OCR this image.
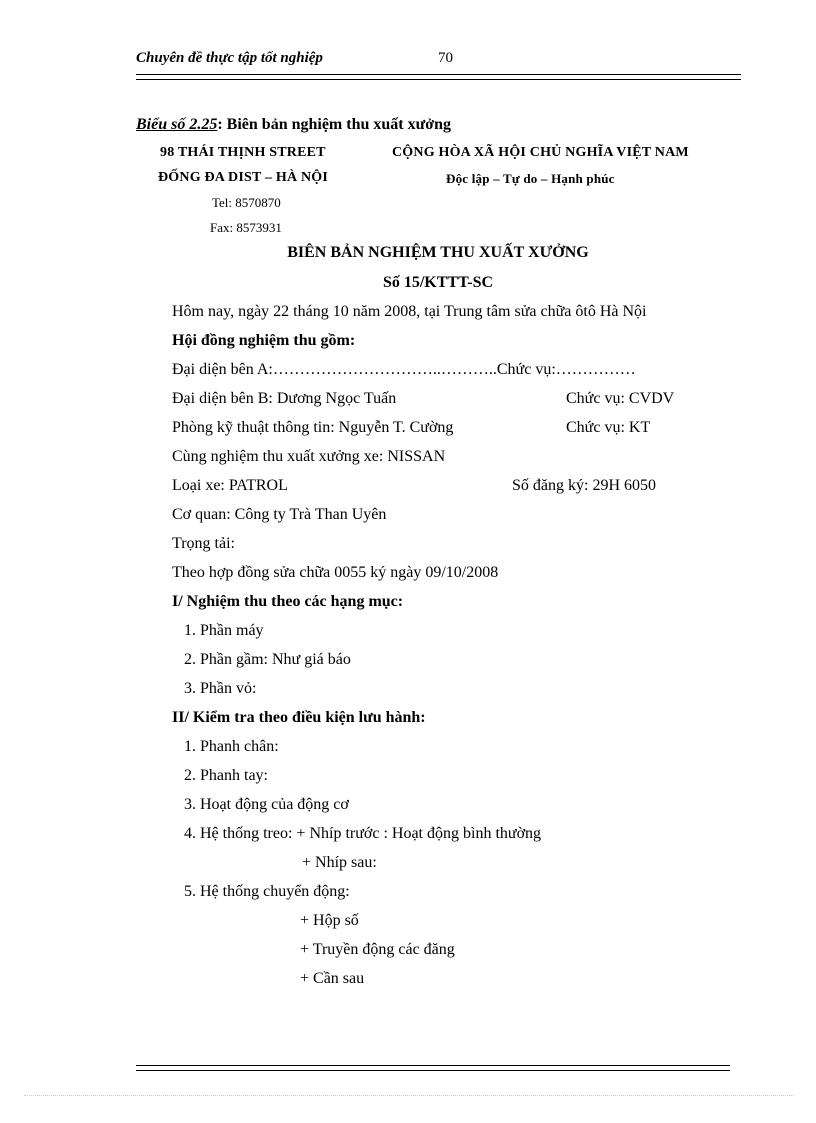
Chuyên đề thực tập tốt nghiệp	70
Biểu số 2.25: Biên bản nghiệm thu xuất xưởng
98 THÁI THỊNH STREET
ĐỐNG ĐA DIST – HÀ NỘI
Tel: 8570870
Fax: 8573931
CỘNG HÒA XÃ HỘI CHỦ NGHĨA VIỆT NAM
Độc lập – Tự do – Hạnh phúc
BIÊN BẢN NGHIỆM THU XUẤT XƯỞNG
Số 15/KTTT-SC
Hôm nay, ngày 22 tháng 10 năm 2008, tại Trung tâm sửa chữa ôtô Hà Nội
Hội đồng nghiệm thu gồm:
Đại diện bên A:…………………………..………..Chức vụ:……………
Đại diện bên B: Dương Ngọc Tuấn	Chức vụ: CVDV
Phòng kỹ thuật thông tin: Nguyễn T. Cường	Chức vụ: KT
Cùng nghiệm thu xuất xưởng xe: NISSAN
Loại xe: PATROL	Số đăng ký: 29H 6050
Cơ quan: Công ty Trà Than Uyên
Trọng tải:
Theo hợp đồng sửa chữa 0055 ký ngày 09/10/2008
I/ Nghiệm thu theo các hạng mục:
1. Phần máy
2. Phần gầm: Như giá báo
3. Phần vỏ:
II/ Kiểm tra theo điều kiện lưu hành:
1. Phanh chân:
2. Phanh tay:
3. Hoạt động của động cơ
4. Hệ thống treo: + Nhíp trước : Hoạt động bình thường
+ Nhíp sau:
5. Hệ thống chuyển động:
+ Hộp số
+ Truyền động các đăng
+ Cần sau
